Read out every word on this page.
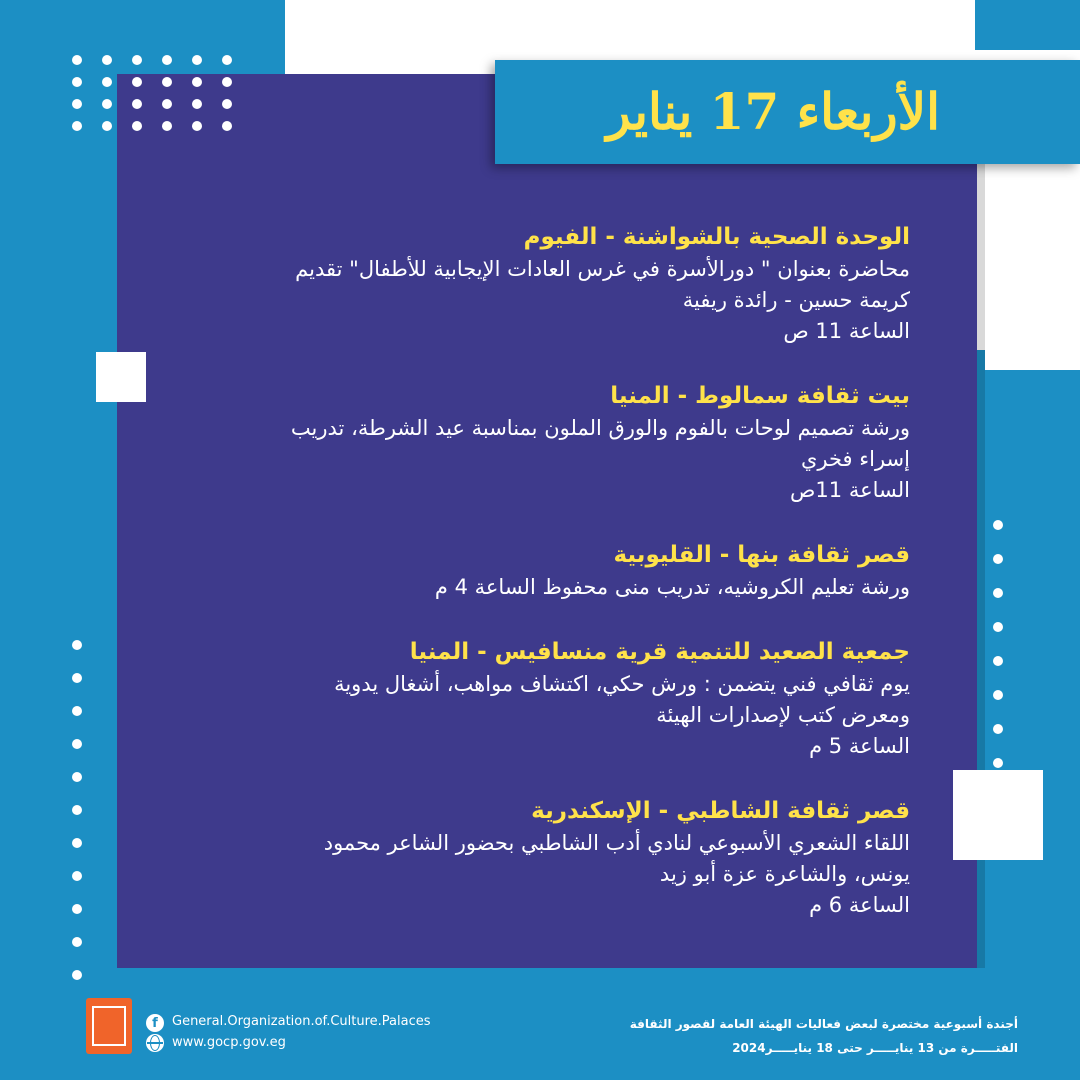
الأربعاء 17 يناير
الوحدة الصحية بالشواشنة - الفيوم
محاضرة بعنوان " دورالأسرة في غرس العادات الإيجابية للأطفال" تقديم
كريمة حسين - رائدة ريفية
الساعة 11 ص
بيت ثقافة سمالوط - المنيا
ورشة تصميم لوحات بالفوم والورق الملون بمناسبة عيد الشرطة، تدريب
إسراء فخري
الساعة 11ص
قصر ثقافة بنها - القليوبية
ورشة تعليم الكروشيه، تدريب منى محفوظ الساعة 4 م
جمعية الصعيد للتنمية قرية منسافيس - المنيا
يوم ثقافي فني يتضمن : ورش حكي، اكتشاف مواهب، أشغال يدوية
ومعرض كتب لإصدارات الهيئة
الساعة 5 م
قصر ثقافة الشاطبي - الإسكندرية
اللقاء الشعري الأسبوعي لنادي أدب الشاطبي بحضور الشاعر محمود
يونس، والشاعرة عزة أبو زيد
الساعة 6 م
f	General.Organization.of.Culture.Palaces
www.gocp.gov.eg
أجندة أسبوعية مختصرة لبعض فعاليات الهيئة العامة لقصور الثقافة
الفتـــــرة من 13 ينايـــــر حتى 18 ينايـــــر2024
